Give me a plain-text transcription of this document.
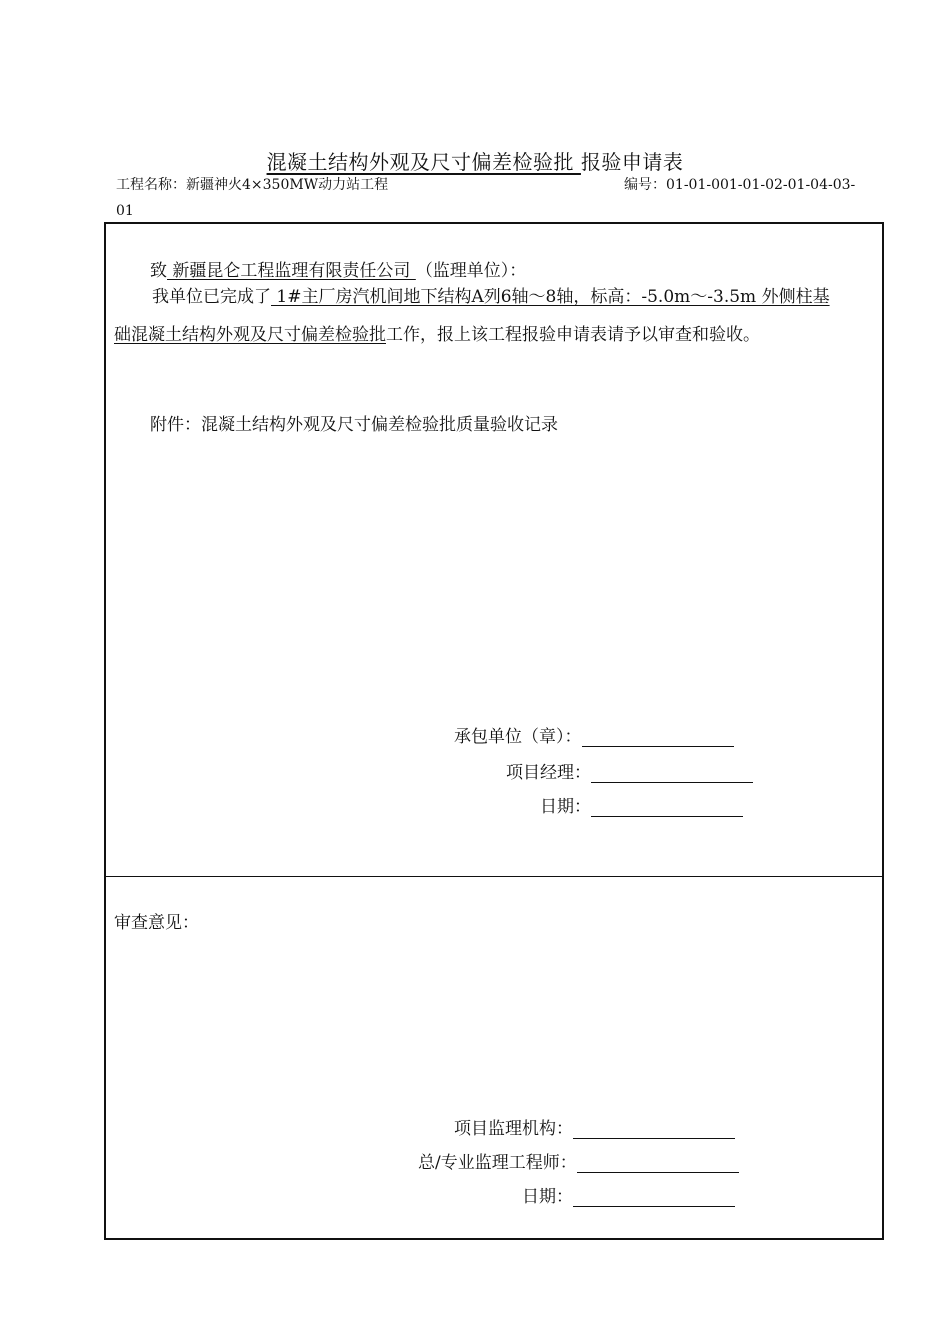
混凝土结构外观及尺寸偏差检验批 报验申请表
工程名称：新疆神火4×350MW动力站工程	编号：01-01-001-01-02-01-04-03-
01
致 新疆昆仑工程监理有限责任公司 （监理单位）：
我单位已完成了 1#主厂房汽机间地下结构A列6轴～8轴，标高：-5.0m～-3.5m 外侧柱基
础混凝土结构外观及尺寸偏差检验批工作，报上该工程报验申请表请予以审查和验收。
附件：混凝土结构外观及尺寸偏差检验批质量验收记录
承包单位（章）：
项目经理：
日期：
审查意见：
项目监理机构：
总/专业监理工程师：
日期：
